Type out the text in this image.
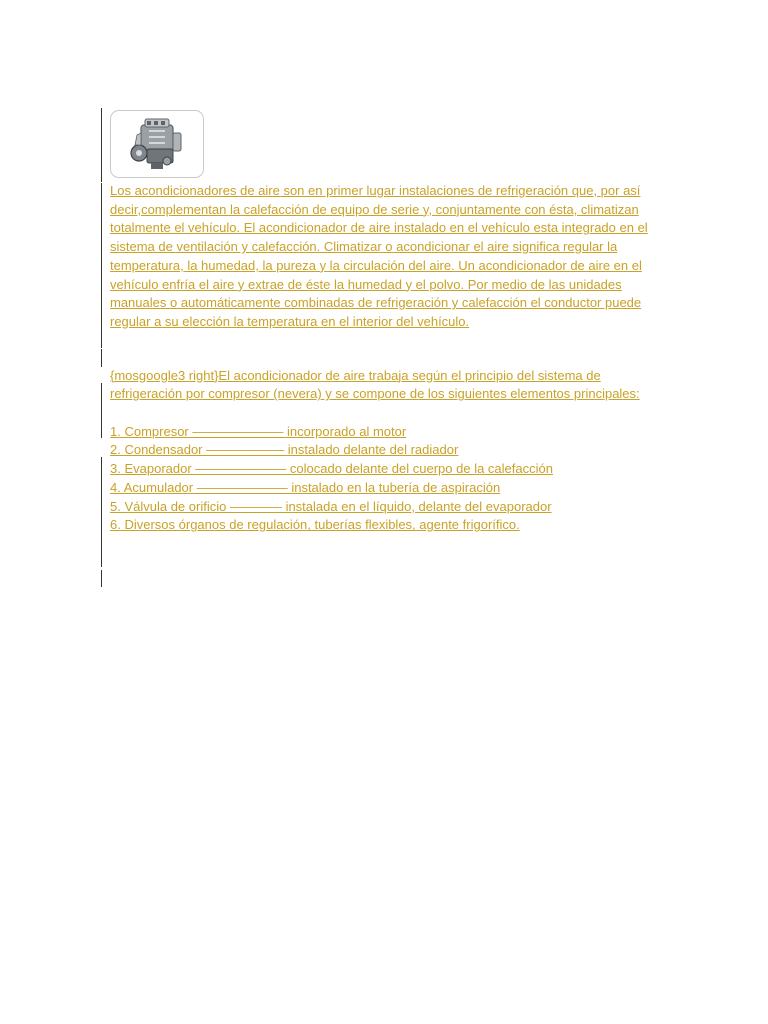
Los acondicionadores de aire son en primer lugar instalaciones de refrigeración que, por así decir,complementan la calefacción de equipo de serie y, conjuntamente con ésta, climatizan totalmente el vehículo. El acondicionador de aire instalado en el vehículo esta integrado en el sistema de ventilación y calefacción. Climatizar o acondicionar el aire significa regular la temperatura, la humedad, la pureza y la circulación del aire. Un acondicionador de aire en el vehículo enfría el aire y extrae de éste la humedad y el polvo. Por medio de las unidades manuales o automáticamente combinadas de refrigeración y calefacción el conductor puede regular a su elección la temperatura en el interior del vehículo.

{mosgoogle3 right}El acondicionador de aire trabaja según el principio del sistema de refrigeración por compresor (nevera) y se compone de los siguientes elementos principales:

1. Compresor ——————— incorporado al motor
2. Condensador —————— instalado delante del radiador
3. Evaporador ——————— colocado delante del cuerpo de la calefacción
4. Acumulador ——————— instalado en la tubería de aspiración
5. Válvula de orificio ———— instalada en el líquido, delante del evaporador
6. Diversos órganos de regulación, tuberías flexibles, agente frigorífico.
